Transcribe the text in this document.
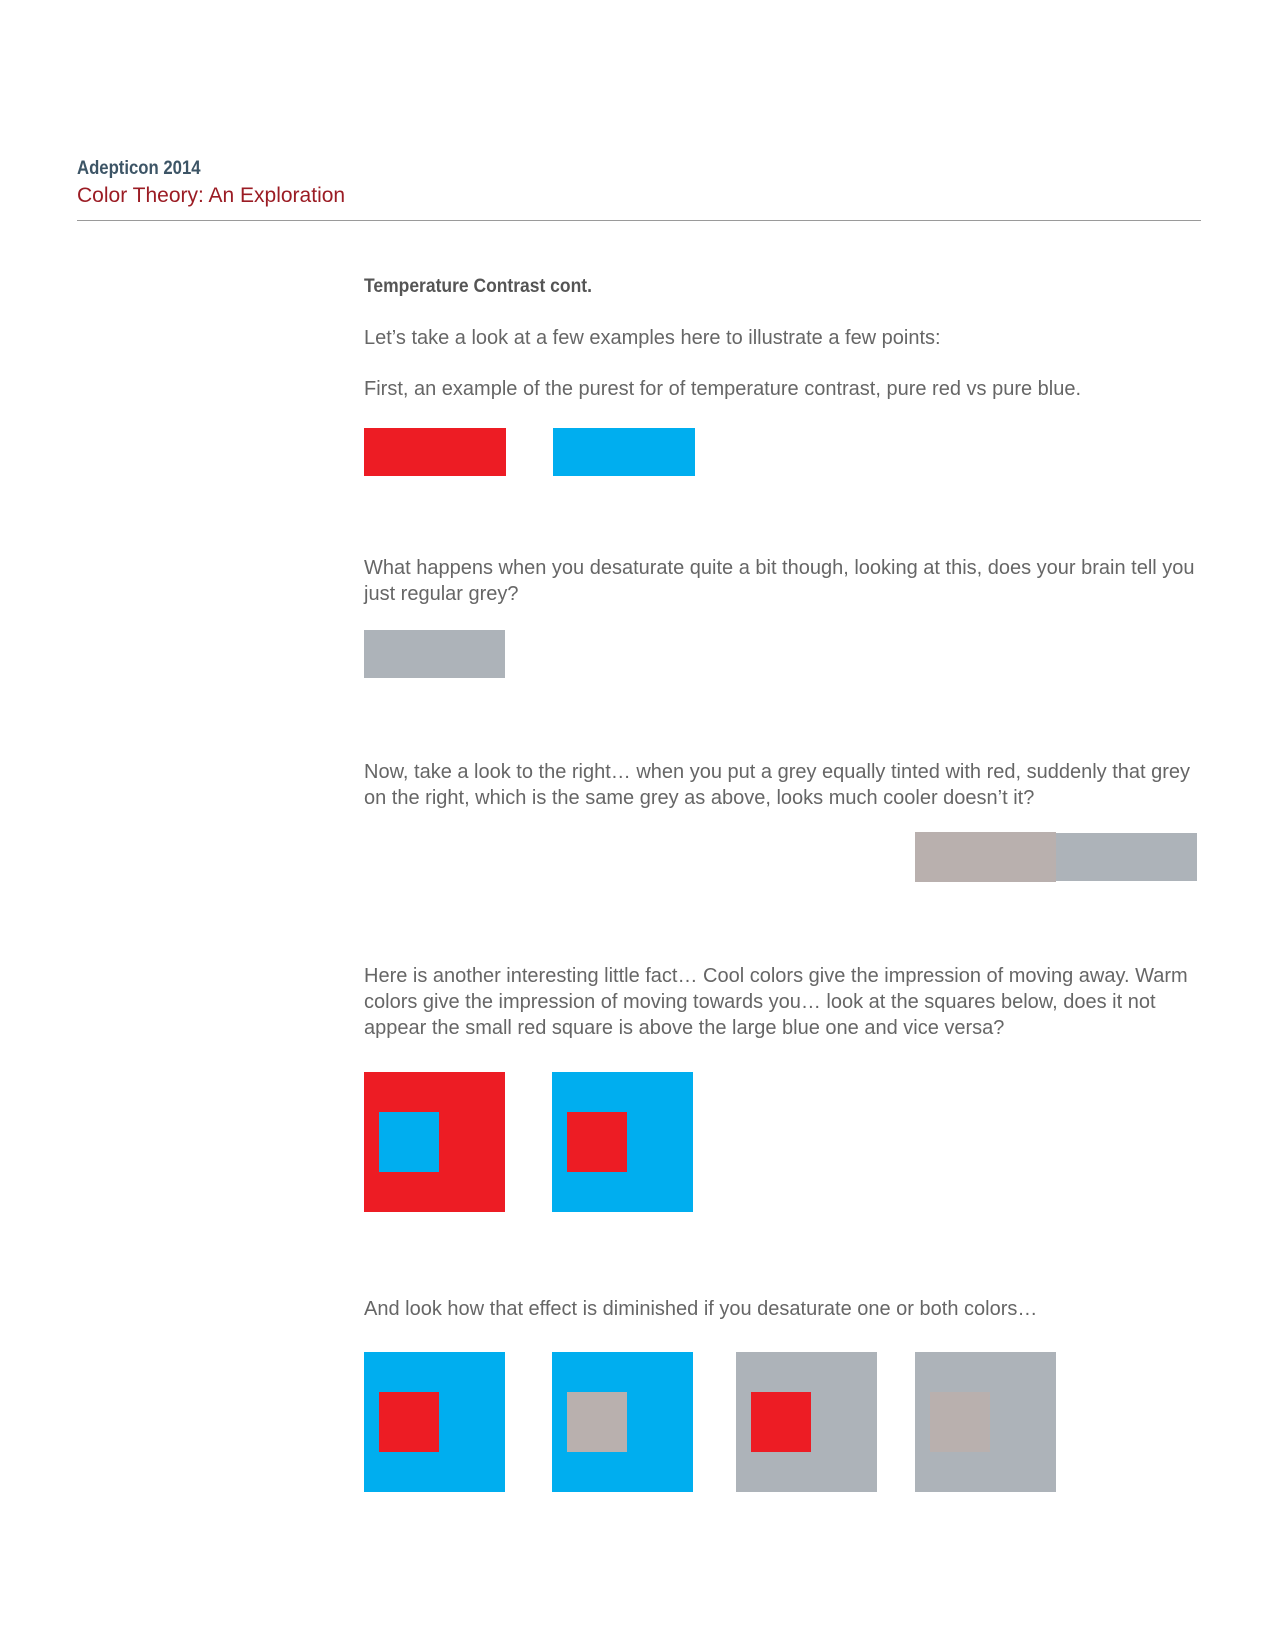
Adepticon 2014
Color Theory: An Exploration
Temperature Contrast cont.
Let’s take a look at a few examples here to illustrate a few points:
First, an example of the purest for of temperature contrast, pure red vs pure blue.
What happens when you desaturate quite a bit though, looking at this, does your brain tell you just regular grey?
Now, take a look to the right… when you put a grey equally tinted with red, suddenly that grey on the right, which is the same grey as above, looks much cooler doesn’t it?
Here is another interesting little fact… Cool colors give the impression of moving away. Warm colors give the impression of moving towards you… look at the squares below, does it not appear the small red square is above the large blue one and vice versa?
And look how that effect is diminished if you desaturate one or both colors…
